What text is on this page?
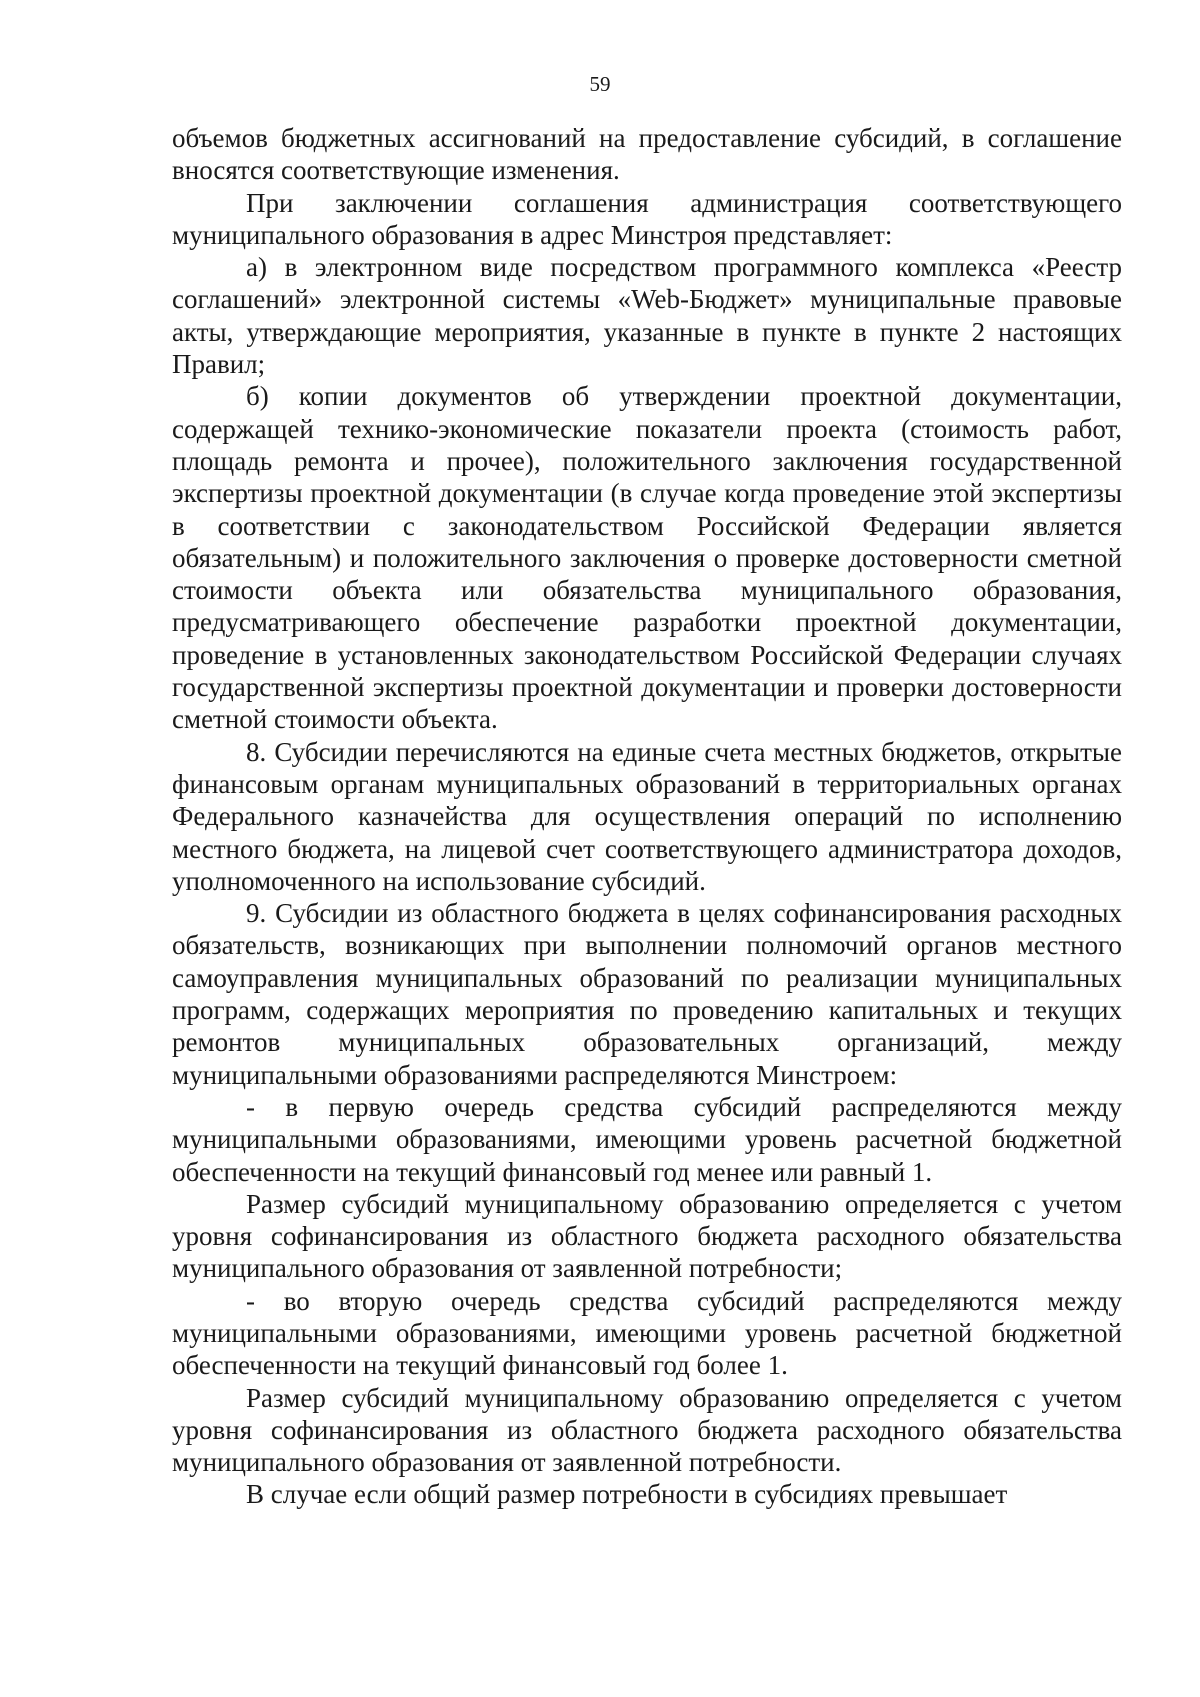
59

объемов бюджетных ассигнований на предоставление субсидий, в соглашение вносятся соответствующие изменения.

При заключении соглашения администрация соответствующего муниципального образования в адрес Минстроя представляет:

а) в электронном виде посредством программного комплекса «Реестр соглашений» электронной системы «Web-Бюджет» муниципальные правовые акты, утверждающие мероприятия, указанные в пункте в пункте 2 настоящих Правил;

б) копии документов об утверждении проектной документации, содержащей технико-экономические показатели проекта (стоимость работ, площадь ремонта и прочее), положительного заключения государственной экспертизы проектной документации (в случае когда проведение этой экспертизы в соответствии с законодательством Российской Федерации является обязательным) и положительного заключения о проверке достоверности сметной стоимости объекта или обязательства муниципального образования, предусматривающего обеспечение разработки проектной документации, проведение в установленных законодательством Российской Федерации случаях государственной экспертизы проектной документации и проверки достоверности сметной стоимости объекта.

8. Субсидии перечисляются на единые счета местных бюджетов, открытые финансовым органам муниципальных образований в территориальных органах Федерального казначейства для осуществления операций по исполнению местного бюджета, на лицевой счет соответствующего администратора доходов, уполномоченного на использование субсидий.

9. Субсидии из областного бюджета в целях софинансирования расходных обязательств, возникающих при выполнении полномочий органов местного самоуправления муниципальных образований по реализации муниципальных программ, содержащих мероприятия по проведению капитальных и текущих ремонтов муниципальных образовательных организаций, между муниципальными образованиями распределяются Минстроем:

- в первую очередь средства субсидий распределяются между муниципальными образованиями, имеющими уровень расчетной бюджетной обеспеченности на текущий финансовый год менее или равный 1.

Размер субсидий муниципальному образованию определяется с учетом уровня софинансирования из областного бюджета расходного обязательства муниципального образования от заявленной потребности;

- во вторую очередь средства субсидий распределяются между муниципальными образованиями, имеющими уровень расчетной бюджетной обеспеченности на текущий финансовый год более 1.

Размер субсидий муниципальному образованию определяется с учетом уровня софинансирования из областного бюджета расходного обязательства муниципального образования от заявленной потребности.

В случае если общий размер потребности в субсидиях превышает
